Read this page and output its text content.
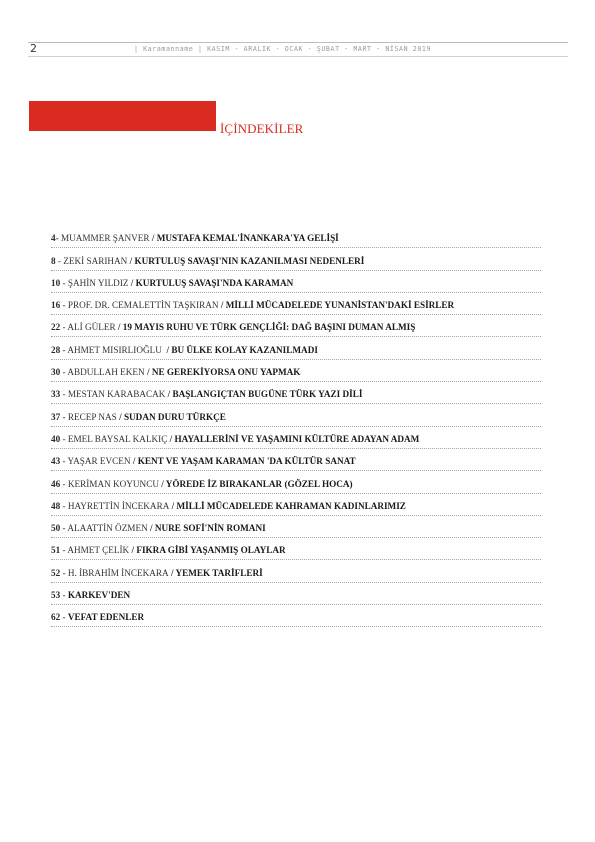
2	| Karamanname | KASIM - ARALIK - OCAK - ŞUBAT - MART - NİSAN 2019
İÇİNDEKİLER
4- MUAMMER ŞANVER / MUSTAFA KEMAL'İNANKARA'YA GELİŞİ
8 - ZEKİ SARIHAN / KURTULUŞ SAVAŞI'NIN KAZANILMASI NEDENLERİ
10 - ŞAHİN YILDIZ / KURTULUŞ SAVAŞI'NDA KARAMAN
16 - PROF. DR. CEMALETTİN TAŞKIRAN / MİLLİ MÜCADELEDE YUNANİSTAN'DAKİ ESİRLER
22 - ALİ GÜLER / 19 MAYIS RUHU VE TÜRK GENÇLİĞİ: DAĞ BAŞINI DUMAN ALMIŞ
28 - AHMET MISIRLIOĞLU  / BU ÜLKE KOLAY KAZANILMADI
30 - ABDULLAH EKEN / NE GEREKİYORSA ONU YAPMAK
33 - MESTAN KARABACAK / BAŞLANGIÇTAN BUGÜNE TÜRK YAZI DİLİ
37 - RECEP NAS / SUDAN DURU TÜRKÇE
40 - EMEL BAYSAL KALKIÇ / HAYALLERİNİ VE YAŞAMINI KÜLTÜRE ADAYAN ADAM
43 - YAŞAR EVCEN / KENT VE YAŞAM KARAMAN 'DA KÜLTÜR SANAT
46 - KERİMAN KOYUNCU / YÖREDE İZ BIRAKANLAR (GÖZEL HOCA)
48 - HAYRETTİN İNCEKARA / MİLLİ MÜCADELEDE KAHRAMAN KADINLARIMIZ
50 - ALAATTİN ÖZMEN / NURE SOFİ'NİN ROMANI
51 - AHMET ÇELİK / FIKRA GİBİ YAŞANMIŞ OLAYLAR
52 - H. İBRAHİM İNCEKARA / YEMEK TARİFLERİ
53 - KARKEV'DEN
62 - VEFAT EDENLER
